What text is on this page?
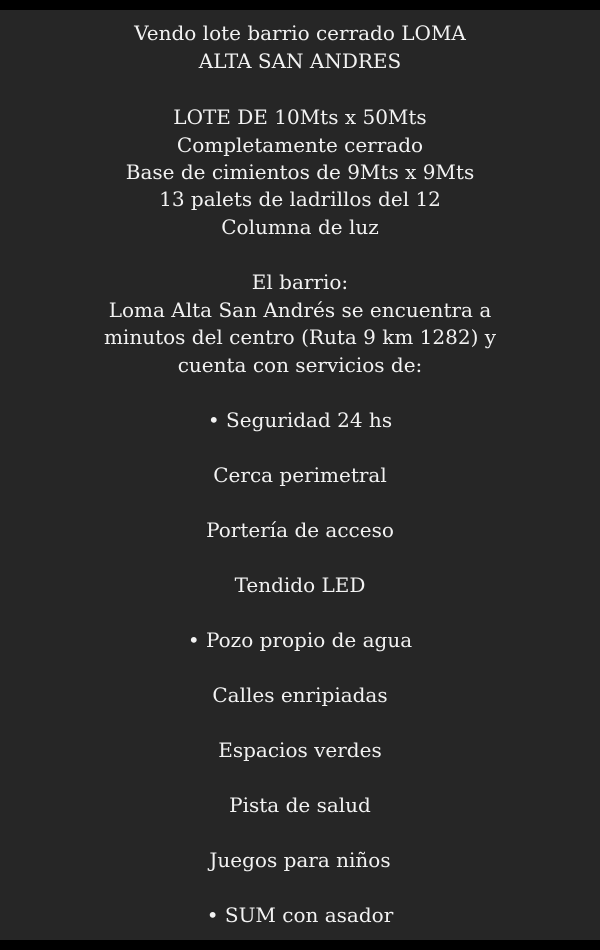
Vendo lote barrio cerrado LOMA

ALTA SAN ANDRES

LOTE DE 10Mts x 50Mts

Completamente cerrado

Base de cimientos de 9Mts x 9Mts

13 palets de ladrillos del 12

Columna de luz

El barrio:

Loma Alta San Andrés se encuentra a

minutos del centro (Ruta 9 km 1282) y

cuenta con servicios de:

• Seguridad 24 hs

Cerca perimetral

Portería de acceso

Tendido LED

• Pozo propio de agua

Calles enripiadas

Espacios verdes

Pista de salud

Juegos para niños

• SUM con asador
